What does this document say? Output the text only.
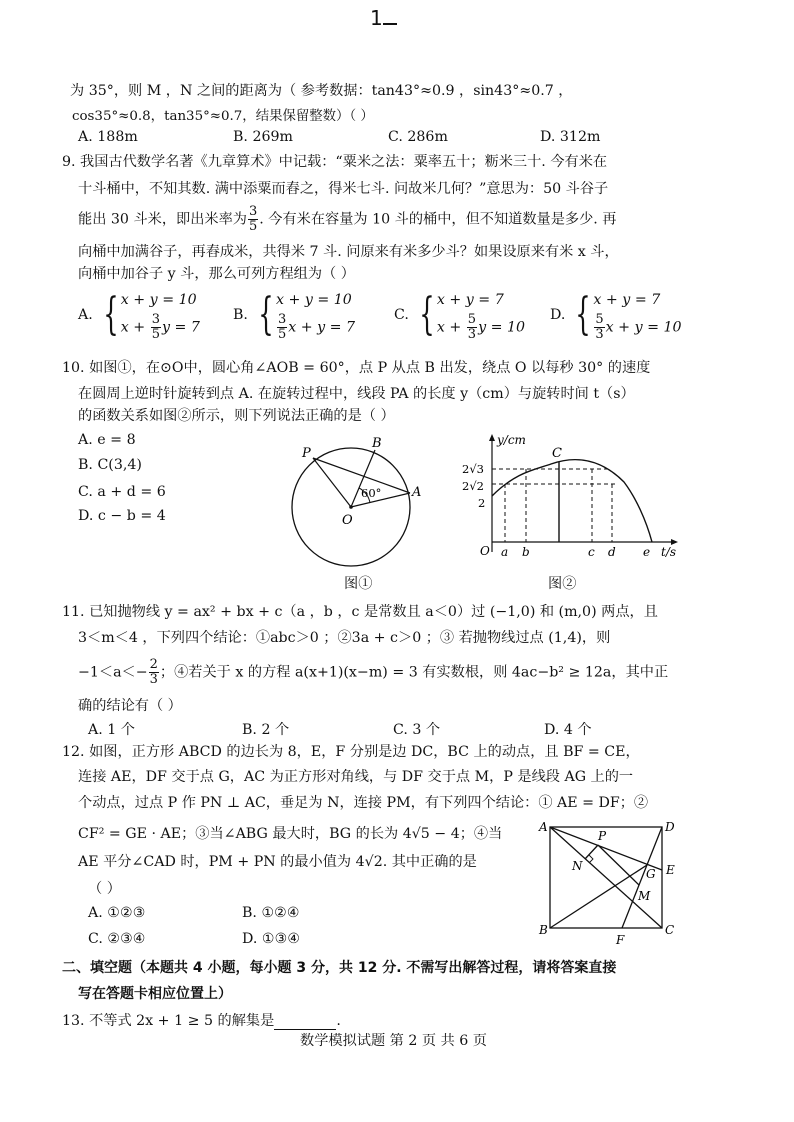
1
为 35°，则 M ，N 之间的距离为（ 参考数据：tan43°≈0.9 ，sin43°≈0.7 ，
cos35°≈0.8，tan35°≈0.7，结果保留整数）（ ）
A. 188m	B. 269m	C. 286m	D. 312m
9. 我国古代数学名著《九章算术》中记载：“粟米之法：粟率五十；粝米三十. 今有米在
十斗桶中，不知其数. 满中添粟而舂之，得米七斗. 问故米几何？”意思为：50 斗谷子
能出 30 斗米，即出米率为 $\frac{3}{5}$ . 今有米在容量为 10 斗的桶中，但不知道数量是多少. 再
向桶中加满谷子，再舂成米，共得米 7 斗. 问原来有米多少斗？如果设原来有米 x 斗，
向桶中加谷子 y 斗，那么可列方程组为（ ）
A. { x + y = 10
$x + \frac{3}{5}$ y = 7
B. { x + y = 10
$\frac{3}{5}$ x + y = 7
C. { x + y = 7
$x + \frac{5}{3}$ y = 10
D. { x + y = 7
$\frac{5}{3}$ x + y = 10
10. 如图①，在⊙O中，圆心角∠AOB = 60°，点 P 从点 B 出发，绕点 O 以每秒 30° 的速度
在圆周上逆时针旋转到点 A. 在旋转过程中，线段 PA 的长度 y（cm）与旋转时间 t（s）
的函数关系如图②所示，则下列说法正确的是（ ）
A. e = 8
B. C(3,4)
C. a + d = 6
D. c − b = 4
P
B
A
O
60°
图①
y/cm
C
2√3
2√2
2
O a b	c d e t/s
图②
11. 已知抛物线 y = ax² + bx + c（a ，b ，c 是常数且 a＜0）过 (−1,0) 和 (m,0) 两点，且
3＜m＜4 ，下列四个结论：①abc＞0 ；②3a + c＞0 ；③ 若抛物线过点 (1,4)，则
$-1<a<- \frac{2}{3}$ ；④若关于 x 的方程 a(x+1)(x−m) = 3 有实数根，则 4ac−b² ≥ 12a，其中正
确的结论有（ ）
A. 1 个	B. 2 个	C. 3 个	D. 4 个
12. 如图，正方形 ABCD 的边长为 8，E，F 分别是边 DC，BC 上的动点，且 BF = CE，
连接 AE，DF 交于点 G，AC 为正方形对角线，与 DF 交于点 M，P 是线段 AG 上的一
个动点，过点 P 作 PN ⊥ AC，垂足为 N，连接 PM，有下列四个结论：① AE = DF；②
CF² = GE · AE；③当∠ABG 最大时，BG 的长为 4√5 − 4；④当
AE 平分∠CAD 时，PM + PN 的最小值为 4√2. 其中正确的是
（ ）
A. ①②③	B. ①②④
C. ②③④	D. ①③④
A	D
B	C
E
F
G
M
N
P
二、填空题（本题共 4 小题，每小题 3 分，共 12 分. 不需写出解答过程，请将答案直接
写在答题卡相应位置上）
13. 不等式 2x + 1 ≥ 5 的解集是	.
数学模拟试题 第 2 页 共 6 页
